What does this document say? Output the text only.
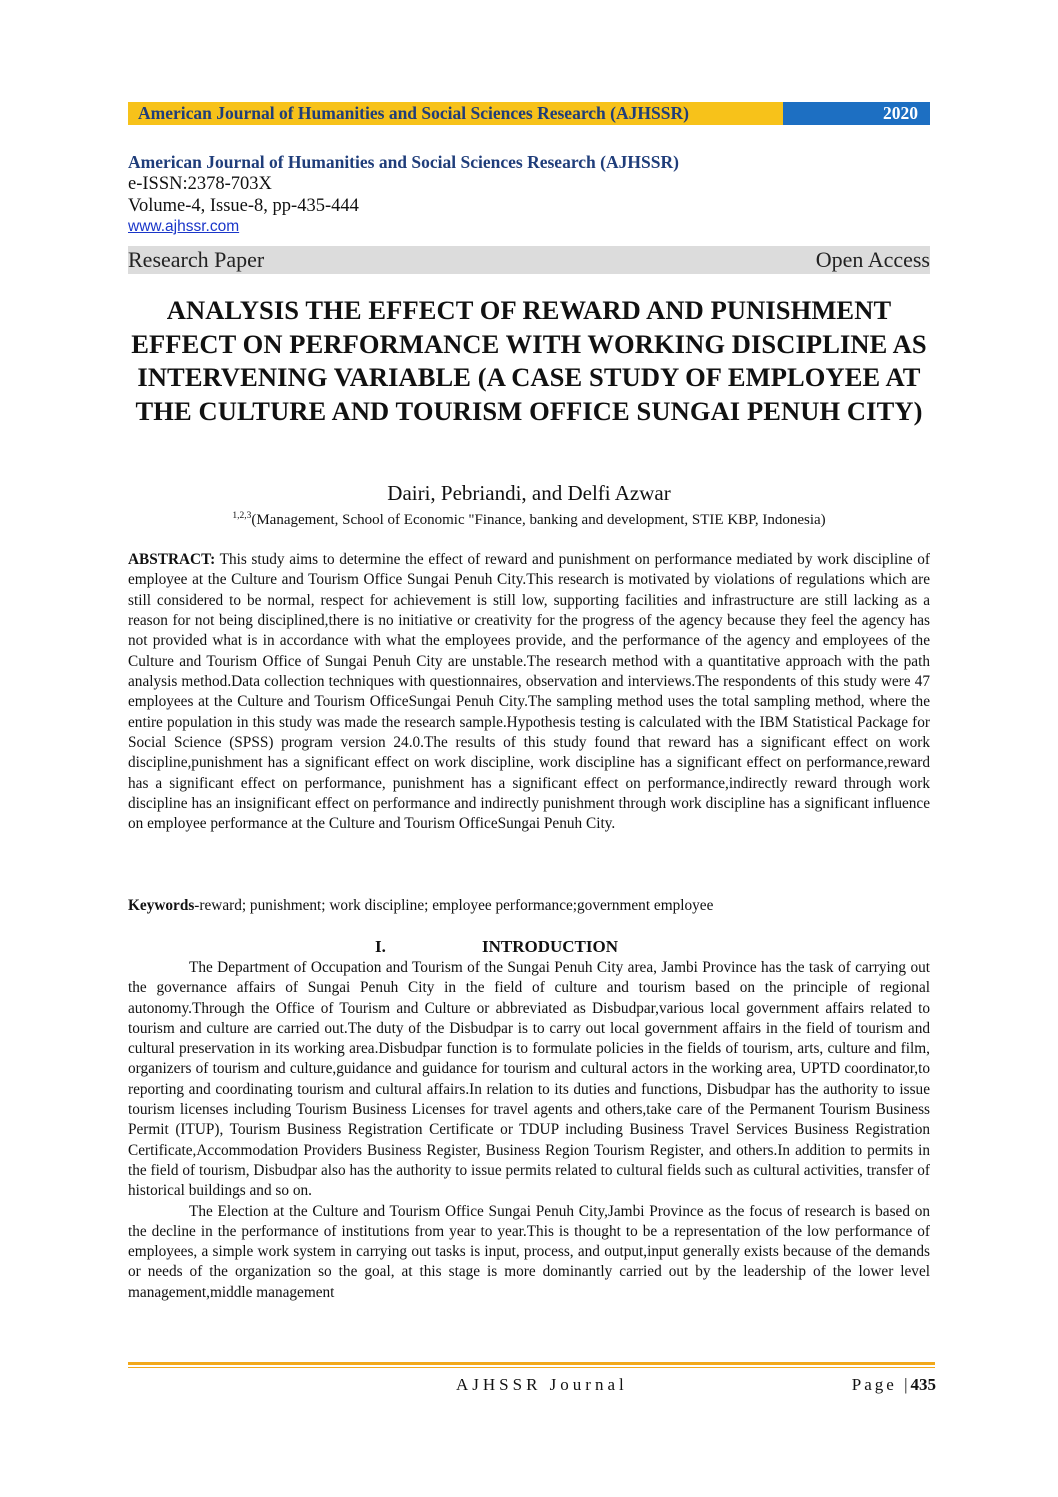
American Journal of Humanities and Social Sciences Research (AJHSSR)	2020
American Journal of Humanities and Social Sciences Research (AJHSSR)
e-ISSN:2378-703X
Volume-4, Issue-8, pp-435-444
www.ajhssr.com
Research Paper	Open Access
ANALYSIS THE EFFECT OF REWARD AND PUNISHMENT EFFECT ON PERFORMANCE WITH WORKING DISCIPLINE AS INTERVENING VARIABLE (A CASE STUDY OF EMPLOYEE AT THE CULTURE AND TOURISM OFFICE SUNGAI PENUH CITY)
Dairi, Pebriandi, and Delfi Azwar
$^{1,2,3}$(Management, School of Economic "Finance, banking and development, STIE KBP, Indonesia)
ABSTRACT: This study aims to determine the effect of reward and punishment on performance mediated by work discipline of employee at the Culture and Tourism Office Sungai Penuh City.This research is motivated by violations of regulations which are still considered to be normal, respect for achievement is still low, supporting facilities and infrastructure are still lacking as a reason for not being disciplined,there is no initiative or creativity for the progress of the agency because they feel the agency has not provided what is in accordance with what the employees provide, and the performance of the agency and employees of the Culture and Tourism Office of Sungai Penuh City are unstable.The research method with a quantitative approach with the path analysis method.Data collection techniques with questionnaires, observation and interviews.The respondents of this study were 47 employees at the Culture and Tourism OfficeSungai Penuh City.The sampling method uses the total sampling method, where the entire population in this study was made the research sample.Hypothesis testing is calculated with the IBM Statistical Package for Social Science (SPSS) program version 24.0.The results of this study found that reward has a significant effect on work discipline,punishment has a significant effect on work discipline, work discipline has a significant effect on performance,reward has a significant effect on performance, punishment has a significant effect on performance,indirectly reward through work discipline has an insignificant effect on performance and indirectly punishment through work discipline has a significant influence on employee performance at the Culture and Tourism OfficeSungai Penuh City.
Keywords-reward; punishment; work discipline; employee performance;government employee
I.	INTRODUCTION

The Department of Occupation and Tourism of the Sungai Penuh City area, Jambi Province has the task of carrying out the governance affairs of Sungai Penuh City in the field of culture and tourism based on the principle of regional autonomy.Through the Office of Tourism and Culture or abbreviated as Disbudpar,various local government affairs related to tourism and culture are carried out.The duty of the Disbudpar is to carry out local government affairs in the field of tourism and cultural preservation in its working area.Disbudpar function is to formulate policies in the fields of tourism, arts, culture and film, organizers of tourism and culture,guidance and guidance for tourism and cultural actors in the working area, UPTD coordinator,to reporting and coordinating tourism and cultural affairs.In relation to its duties and functions, Disbudpar has the authority to issue tourism licenses including Tourism Business Licenses for travel agents and others,take care of the Permanent Tourism Business Permit (ITUP), Tourism Business Registration Certificate or TDUP including Business Travel Services Business Registration Certificate,Accommodation Providers Business Register, Business Region Tourism Register, and others.In addition to permits in the field of tourism, Disbudpar also has the authority to issue permits related to cultural fields such as cultural activities, transfer of historical buildings and so on.

The Election at the Culture and Tourism Office Sungai Penuh City,Jambi Province as the focus of research is based on the decline in the performance of institutions from year to year.This is thought to be a representation of the low performance of employees, a simple work system in carrying out tasks is input, process, and output,input generally exists because of the demands or needs of the organization so the goal, at this stage is more dominantly carried out by the leadership of the lower level management,middle management

AJHSSR Journal	Page |435
